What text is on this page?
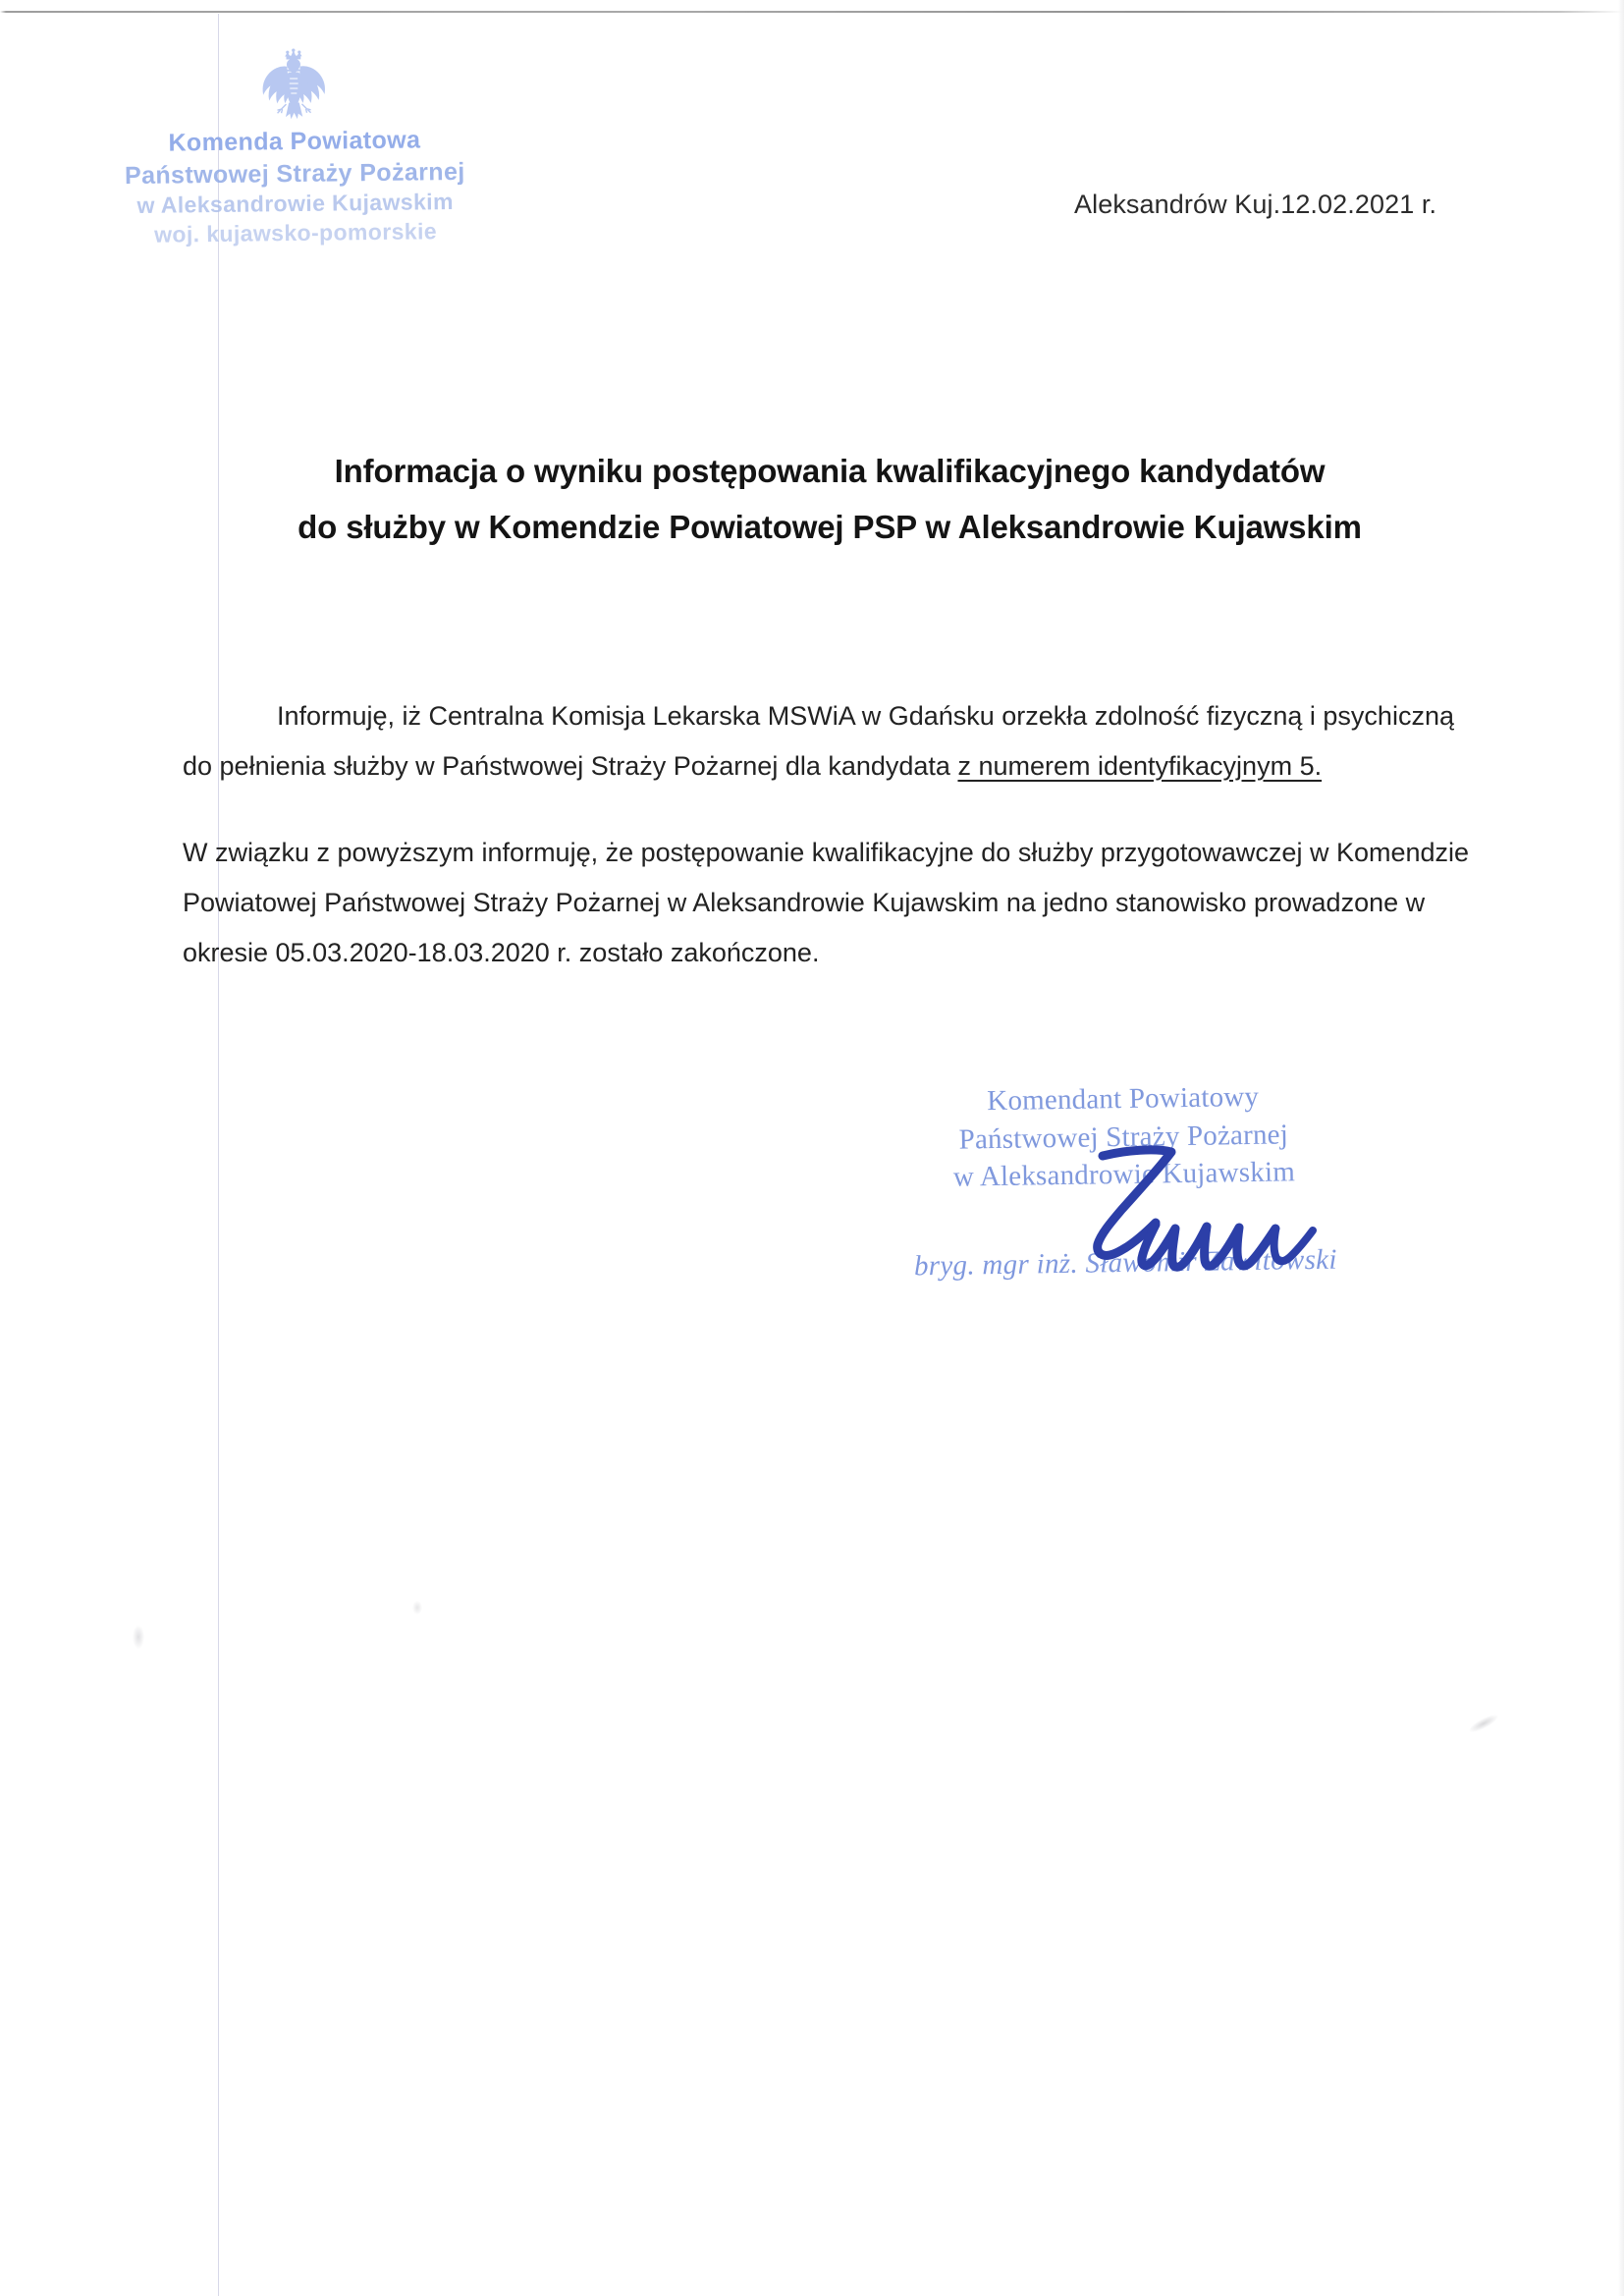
Komenda Powiatowa
Państwowej Straży Pożarnej
w Aleksandrowie Kujawskim
woj. kujawsko-pomorskie
Aleksandrów Kuj.12.02.2021 r.
Informacja o wyniku postępowania kwalifikacyjnego kandydatów
do służby w Komendzie Powiatowej PSP w Aleksandrowie Kujawskim

Informuję, iż Centralna Komisja Lekarska MSWiA w Gdańsku orzekła zdolność fizyczną i psychiczną do pełnienia służby w Państwowej Straży Pożarnej dla kandydata z numerem identyfikacyjnym 5.

W związku z powyższym informuję, że postępowanie kwalifikacyjne do służby przygotowawczej w Komendzie Powiatowej Państwowej Straży Pożarnej w Aleksandrowie Kujawskim na jedno stanowisko prowadzone w okresie 05.03.2020-18.03.2020 r. zostało zakończone.

Komendant Powiatowy
Państwowej Straży Pożarnej
w Aleksandrowie Kujawskim
bryg. mgr inż. Sławomir Zawitowski
